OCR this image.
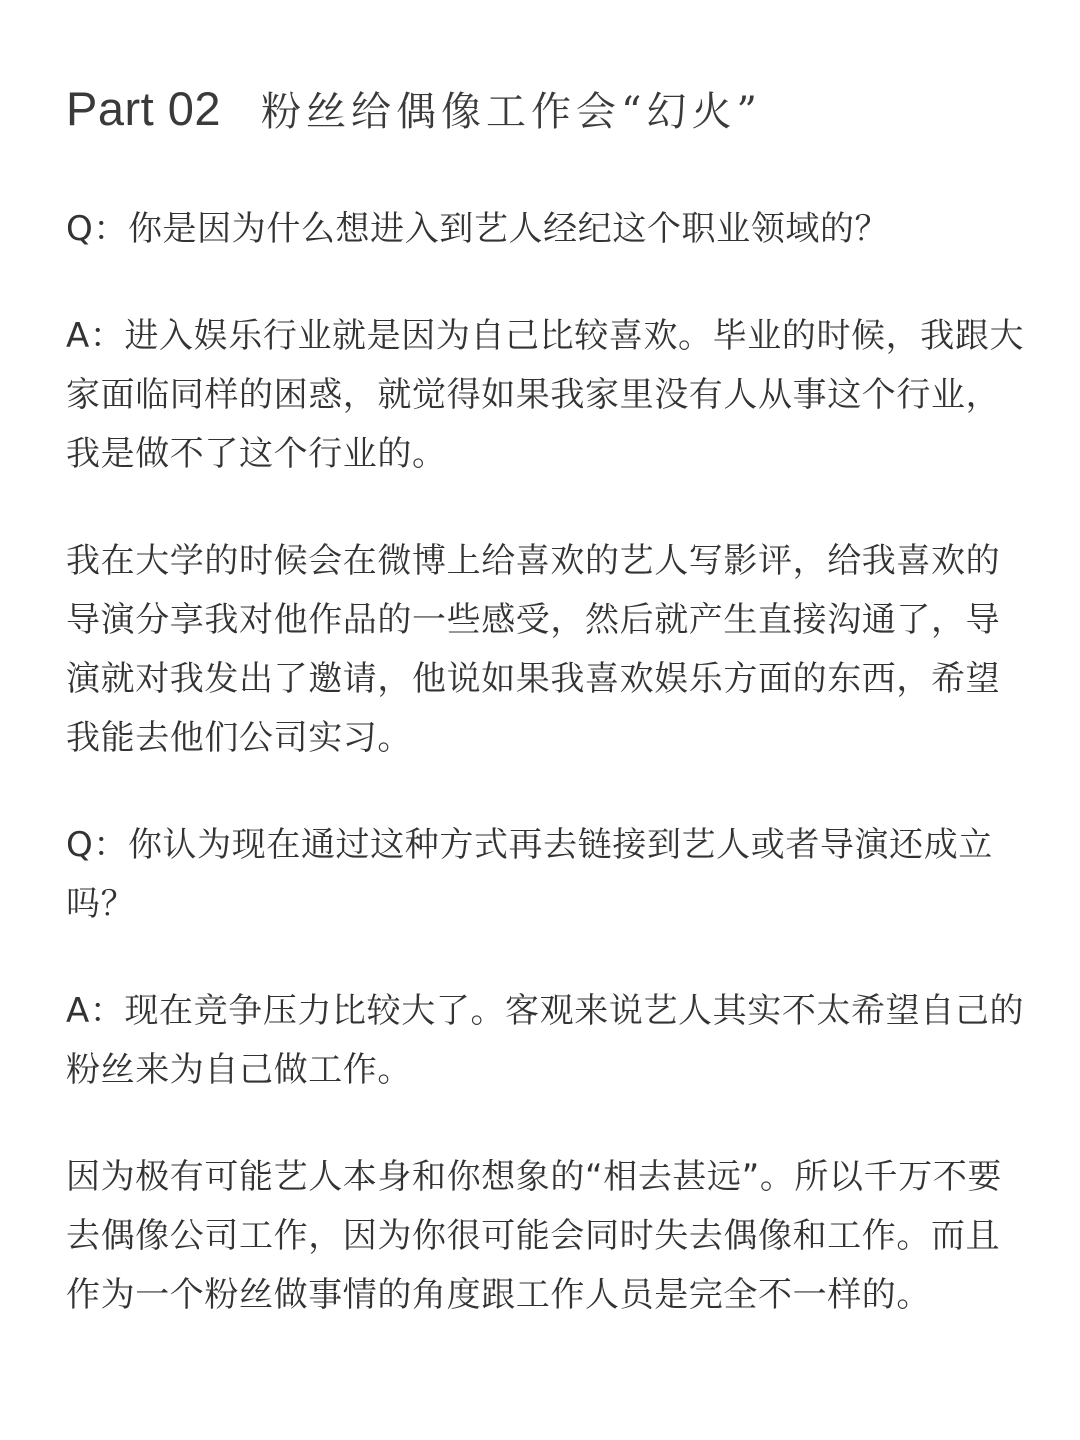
Part 02 粉丝给偶像工作会“幻火”

Q：你是因为什么想进入到艺人经纪这个职业领域的？

A：进入娱乐行业就是因为自己比较喜欢。毕业的时候，我跟大家面临同样的困惑，就觉得如果我家里没有人从事这个行业，我是做不了这个行业的。

我在大学的时候会在微博上给喜欢的艺人写影评，给我喜欢的导演分享我对他作品的一些感受，然后就产生直接沟通了，导演就对我发出了邀请，他说如果我喜欢娱乐方面的东西，希望我能去他们公司实习。

Q：你认为现在通过这种方式再去链接到艺人或者导演还成立吗？

A：现在竞争压力比较大了。客观来说艺人其实不太希望自己的粉丝来为自己做工作。

因为极有可能艺人本身和你想象的“相去甚远”。所以千万不要去偶像公司工作，因为你很可能会同时失去偶像和工作。而且作为一个粉丝做事情的角度跟工作人员是完全不一样的。
